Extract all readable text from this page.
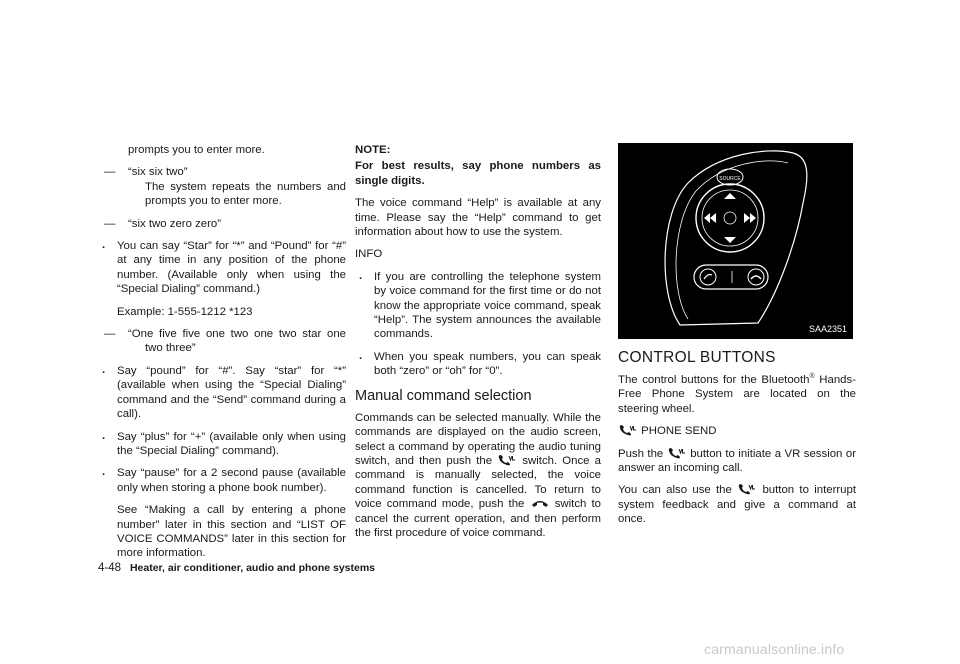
prompts you to enter more.
— “six six two”
The system repeats the numbers and prompts you to enter more.
— “six two zero zero”
. You can say “Star” for “*” and “Pound” for “#” at any time in any position of the phone number. (Available only when using the “Special Dialing” command.)
Example: 1-555-1212 *123
— “One five five one two one two star one two three”
. Say “pound” for “#”. Say “star” for “*” (available when using the “Special Dialing” command and the “Send” command during a call).
. Say “plus” for “+” (available only when using the “Special Dialing” command).
. Say “pause” for a 2 second pause (available only when storing a phone book number).
See “Making a call by entering a phone number” later in this section and “LIST OF VOICE COMMANDS” later in this section for more information.
NOTE:
For best results, say phone numbers as single digits.
The voice command “Help” is available at any time. Please say the “Help” command to get information about how to use the system.
INFO
. If you are controlling the telephone system by voice command for the first time or do not know the appropriate voice command, speak “Help”. The system announces the available commands.
. When you speak numbers, you can speak both “zero” or “oh” for “0”.
Manual command selection
Commands can be selected manually. While the commands are displayed on the audio screen, select a command by operating the audio tuning switch, and then push the	switch. Once a command is manually selected, the voice command function is cancelled. To return to voice command mode, push the	switch to cancel the current operation, and then perform the first procedure of voice command.
SOURCE
SAA2351
CONTROL BUTTONS
The control buttons for the Bluetooth® Hands-Free Phone System are located on the steering wheel.
PHONE SEND
Push the button to initiate a VR session or answer an incoming call.
You can also use the	button to interrupt system feedback and give a command at once.
4-48 Heater, air conditioner, audio and phone systems
carmanualsonline.info
